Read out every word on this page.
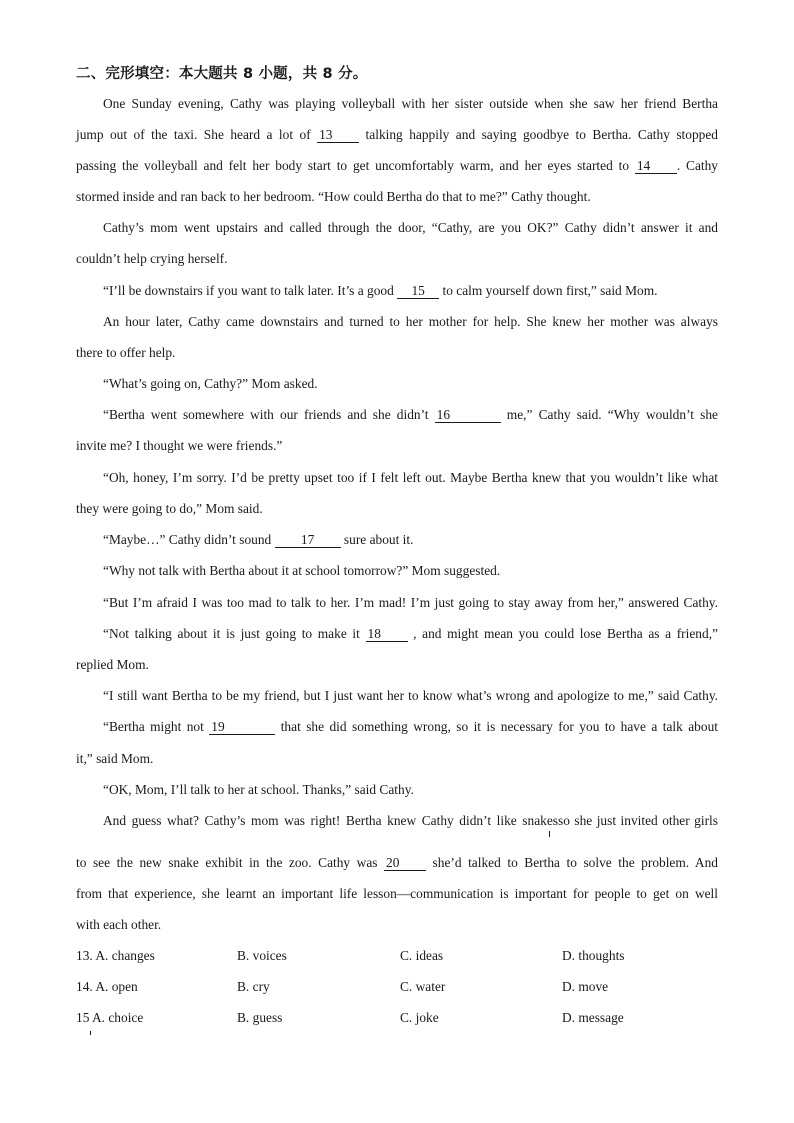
二、完形填空：本大题共 8 小题，共 8 分。
One Sunday evening, Cathy was playing volleyball with her sister outside when she saw her friend Bertha
jump out of the taxi. She heard a lot of 13 talking happily and saying goodbye to Bertha. Cathy stopped
passing the volleyball and felt her body start to get uncomfortably warm, and her eyes started to 14 . Cathy
stormed inside and ran back to her bedroom. “How could Bertha do that to me?” Cathy thought.
Cathy’s mom went upstairs and called through the door, “Cathy, are you OK?” Cathy didn’t answer it and
couldn’t help crying herself.
“I’ll be downstairs if you want to talk later. It’s a good 15 to calm yourself down first,” said Mom.
An hour later, Cathy came downstairs and turned to her mother for help. She knew her mother was always
there to offer help.
“What’s going on, Cathy?” Mom asked.
“Bertha went somewhere with our friends and she didn’t 16	me,” Cathy said. “Why wouldn’t she
invite me? I thought we were friends.”
“Oh, honey, I’m sorry. I’d be pretty upset too if I felt left out. Maybe Bertha knew that you wouldn’t like what
they were going to do,” Mom said.
“Maybe…” Cathy didn’t sound 17 sure about it.
“Why not talk with Bertha about it at school tomorrow?” Mom suggested.
“But I’m afraid I was too mad to talk to her. I’m mad! I’m just going to stay away from her,” answered Cathy.
“Not talking about it is just going to make it 18 , and might mean you could lose Bertha as a friend,”
replied Mom.
“I still want Bertha to be my friend, but I just want her to know what’s wrong and apologize to me,” said Cathy.
“Bertha might not 19	that she did something wrong, so it is necessary for you to have a talk about
it,” said Mom.
“OK, Mom, I’ll talk to her at school. Thanks,” said Cathy.
And guess what? Cathy’s mom was right! Bertha knew Cathy didn’t like snakes so she just invited other girls
to see the new snake exhibit in the zoo. Cathy was 20 she’d talked to Bertha to solve the problem. And
from that experience, she learnt an important life lesson—communication is important for people to get on well
with each other.
13. A. changes	B. voices	C. ideas	D. thoughts
14. A. open	B. cry	C. water	D. move
15 A. choice	B. guess	C. joke	D. message
